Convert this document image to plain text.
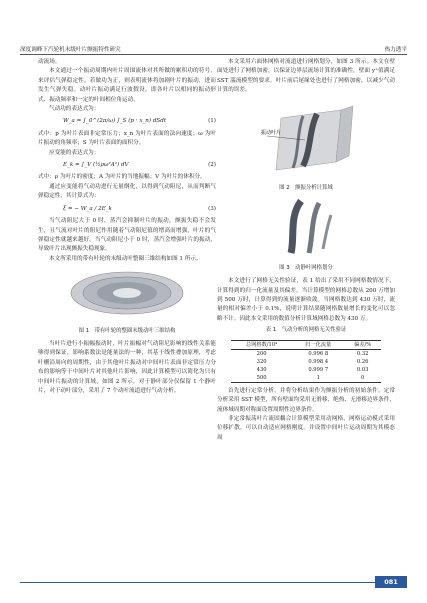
深度调峰下汽轮机末级叶片颤振特性研究	热力透平

动流场。

本文通过一个振动周期内叶片周围流体对其所做的累积功的符号，来评估气弹稳定性。若做功为正，则表明流体将加剧叶片的振动，进而发生气弹失稳。动叶片振动满足行波假设，即各叶片以相同的振动形式、振动频率和一定的叶间相位角运动。

气动功的表达式为：

W_a = ∫_0^(2π/ω) ∫_S (p · x_n) dSdt	(1)

式中：p 为叶片表面非定常压力；x_n 为叶片表面的法向速度；ω 为叶片振动的角频率；S 为叶片表面的面积分。

应变能的表达式为：

E_k = ∫_V (½ρω²A²) dV	(2)

式中：ρ 为叶片的密度；A 为叶片的当地振幅；V 为叶片的体积分。

通过应变能将气动功进行无量纲化，以得到气动阻尼，从而判断气弹稳定性，其计算式为：

ξ = − W_a / 2E_k	(3)

当气动阻尼大于 0 时，蒸汽会抑制叶片的振动，颤振失稳不会发生，且气流对叶片的阻尼作用随着气动阻尼值的增高而增强，叶片的气弹稳定性就越来越好。当气动阻尼小于 0 时，蒸汽会增强叶片的振动，导致叶片出现颤振失稳现象。

本文所采用的带有叶轮的末级动叶整圈三维结构如图 1 所示。

图 1　带有叶轮的整圈末级动叶三维结构

当叶片进行小振幅振动时，叶片振幅对气动阻尼影响的线性关系能够得到保证。影响系数法是能量法的一种，其基于线性叠加原理，考虑叶栅沿周向的周期性，由于其他叶片振动对中间叶片表面非定常压力分布的影响等于中间叶片对其他叶片影响，因此计算模型可以简化为只有中间叶片振动的计算域，如图 2 所示。对于静叶部分仅保留 1 个静叶片，对于动叶部分，采用了 7 个动叶流道进行气动分析。

本文采用六面体网格对流道进行网格划分，如图 3 所示。本文在壁面处进行了网格加密，以保证边界层流场计算的准确性，壁面 y⁺值满足 SST 湍流模型的要求。叶片前后尾缘处也进行了网格加密，以减少气动计算的误差。

振动叶片
图 2　颤振分析计算域
图 3　动静叶网格划分

本文进行了网格无关性验证，表 1 给出了采用不同网格数情况下，计算得到的归一化流量及其偏差。当计算模型的网格总数从 200 万增加到 500 万时，计算得到的流量逐渐收敛。当网格数达到 430 万时，流量的相对偏差小于 0.1%，说明计算结果随网格数量增长的变化可以忽略不计。因此本文采用的数值分析计算域网格总数为 430 万。

表 1　气动分析的网格无关性验证
总网格数/10⁴	归一化流量	偏差/%
200	0.996 8	0.32
320	0.998 4	0.26
430	0.999 7	0.03
500	1	0

首先进行定常分析，并将分析结果作为颤振分析的初始条件。定常分析采用 SST 模型，所有壁面均采用无滑移、绝热、无滑移边界条件，流体域周期对称面设置周期性边界条件。

非定常振荡叶片流固耦合计算模型采用动网格，网格运动模式采用位移扩散，可以自动适应网格刚度。并设置中间叶片运动周期为其模态周

081
